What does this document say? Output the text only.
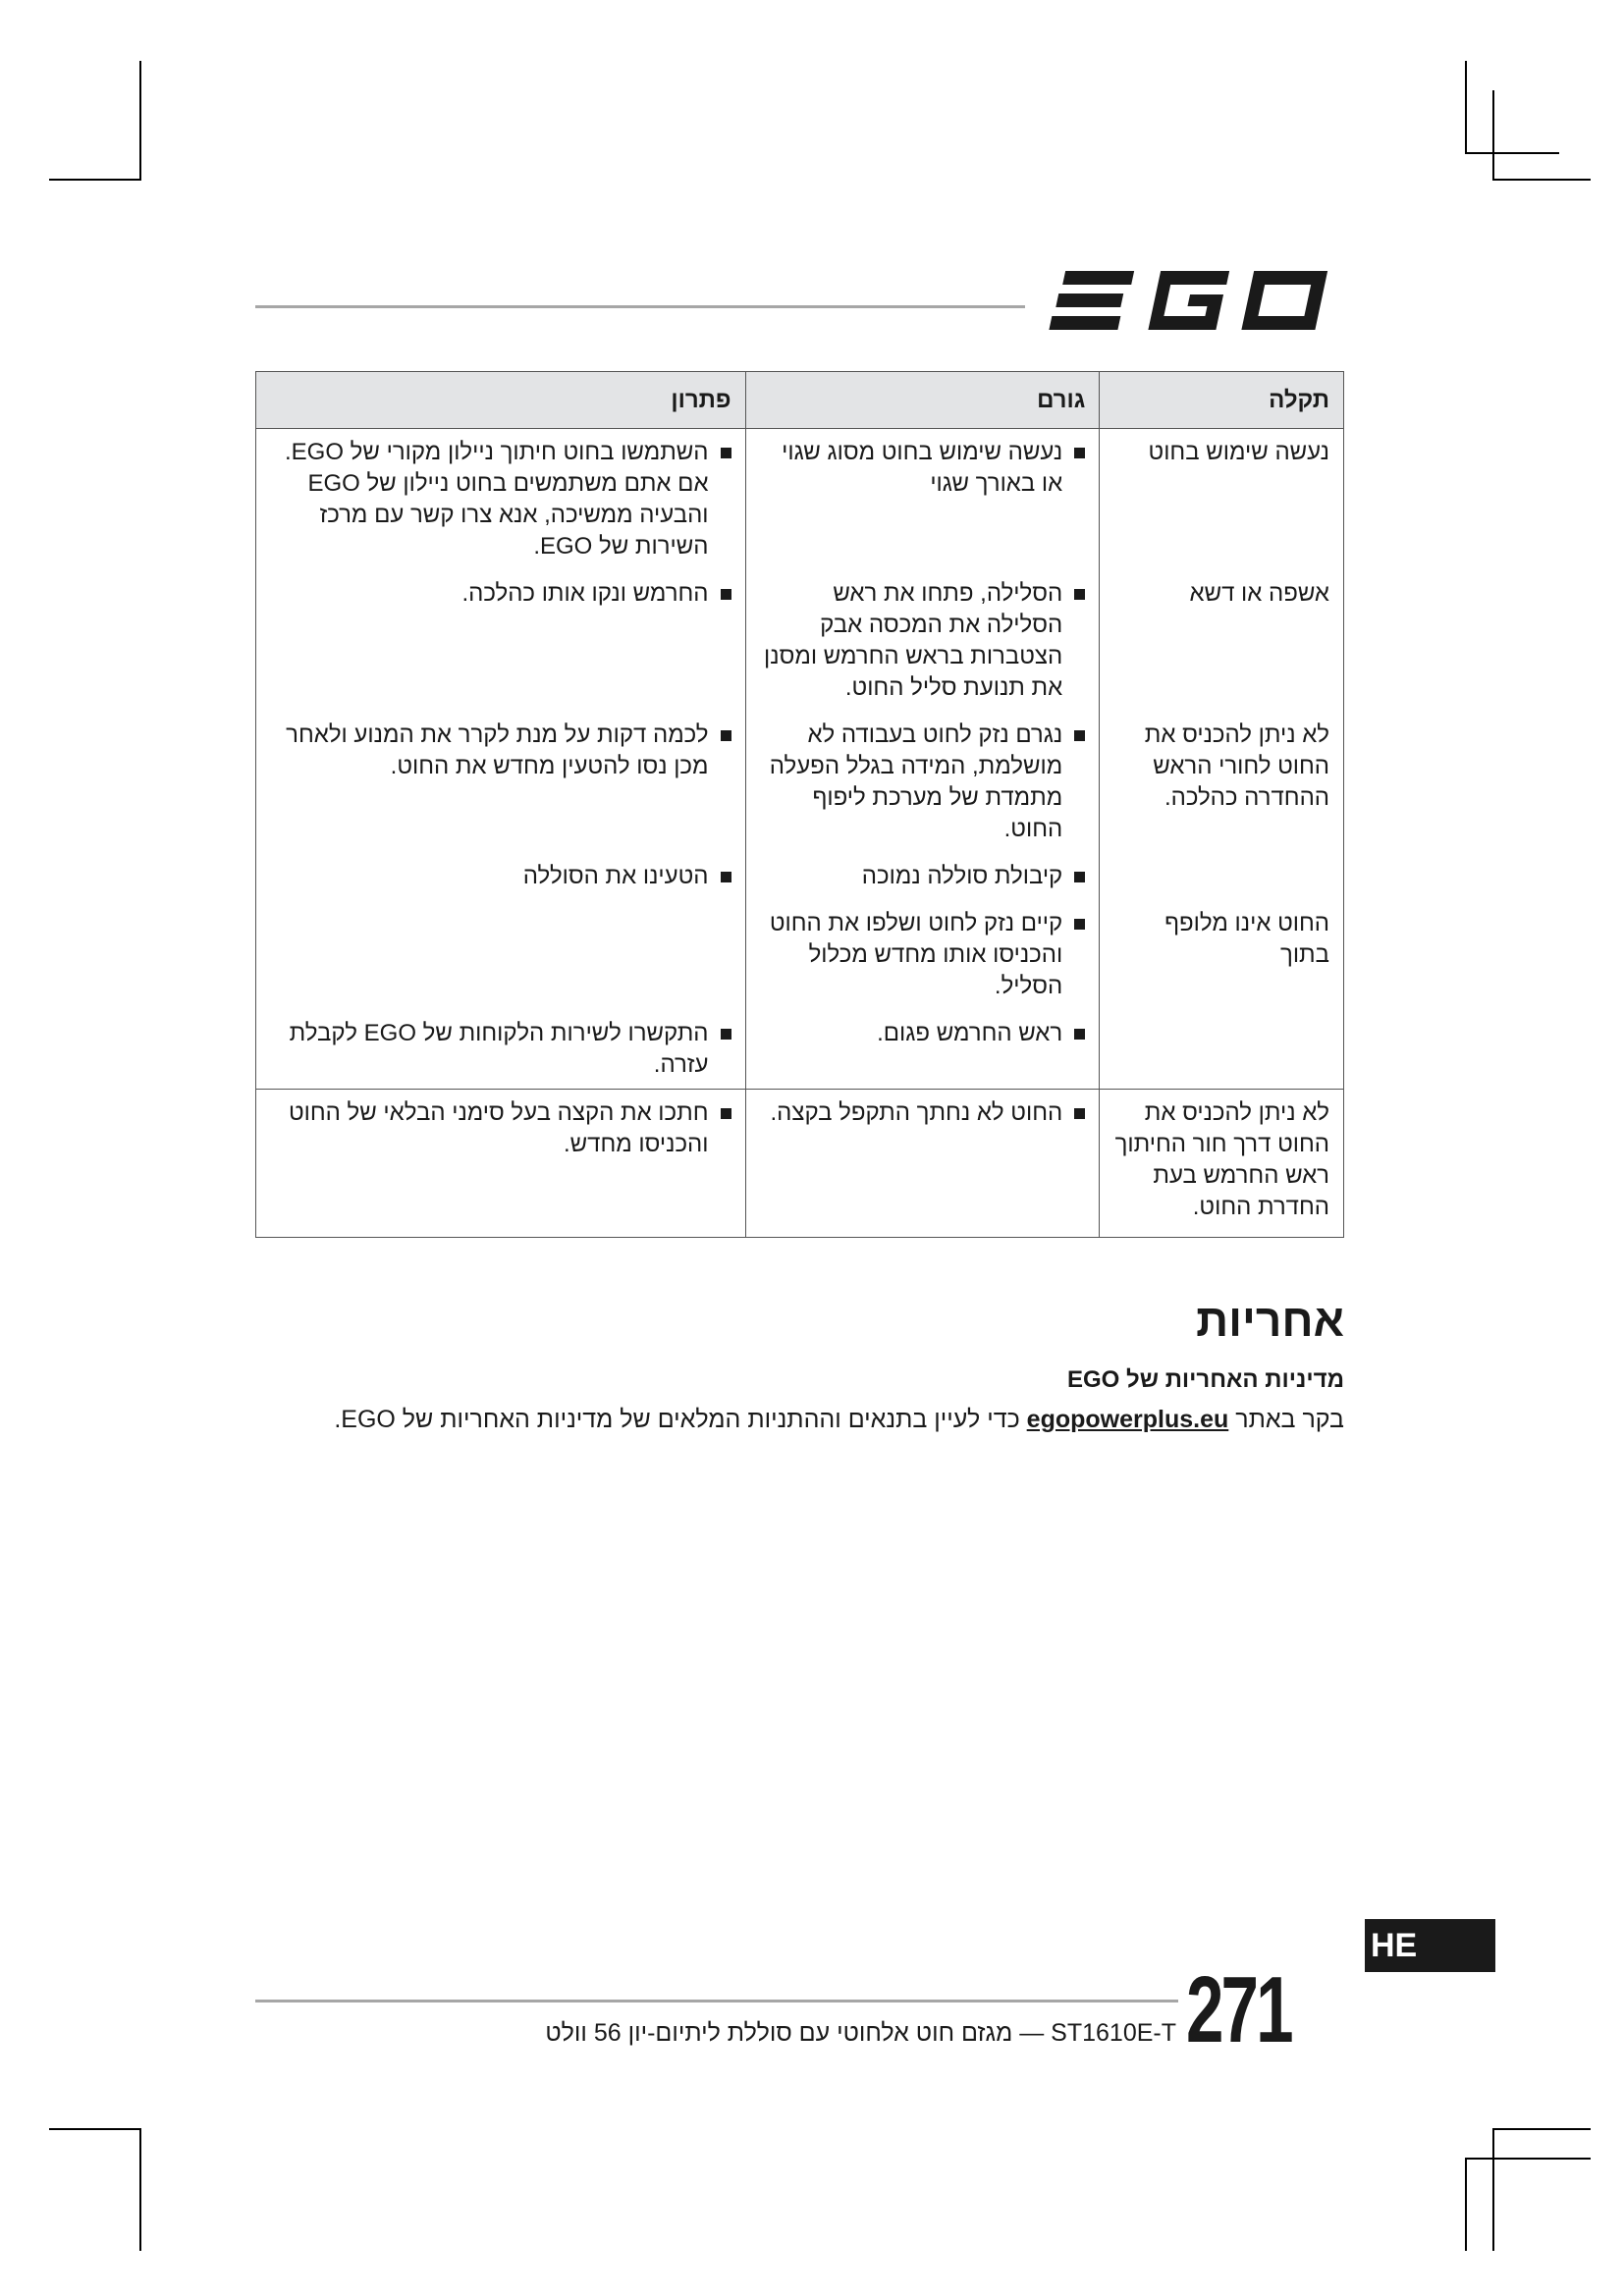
תקלה	גורם	פתרון

נעשה שימוש בחוט	נעשה שימוש בחוט מסוג שגוי או באורך שגוי	השתמשו בחוט חיתוך ניילון מקורי של EGO. אם אתם משתמשים בחוט ניילון של EGO והבעיה ממשיכה, אנא צרו קשר עם מרכז השירות של EGO.

אשפה או דשא	הסלילה, פתחו את ראש הסלילה את המכסה אבק הצטברות בראש החרמש ומסנן את תנועת סליל החוט.	החרמש ונקו אותו כהלכה.

לא ניתן להכניס את החוט לחורי הראש ההחדרה כהלכה.	נגרם נזק לחוט בעבודה לא מושלמת, המידה בגלל הפעלה מתמדת של מערכת ליפוף החוט.	לכמה דקות על מנת לקרר את המנוע ולאחר מכן נסו להטעין מחדש את החוט.

	קיבולת סוללה נמוכה	הטעינו את הסוללה

החוט אינו מלופף בתוך	קיים נזק לחוט ושלפו את החוט והכניסו אותו מחדש מכלול הסליל.	

	ראש החרמש פגום.	התקשרו לשירות הלקוחות של EGO לקבלת עזרה.

לא ניתן להכניס את החוט דרך חור החיתוך ראש החרמש בעת החדרת החוט.	החוט לא נחתך התקפל בקצה.	חתכו את הקצה בעל סימני הבלאי של החוט והכניסו מחדש.
אחריות
מדיניות האחריות של EGO
בקר באתר egopowerplus.eu כדי לעיין בתנאים וההתניות המלאים של מדיניות האחריות של EGO.
HE
271
ST1610E-T — מגזם חוט אלחוטי עם סוללת ליתיום-יון 56 וולט
